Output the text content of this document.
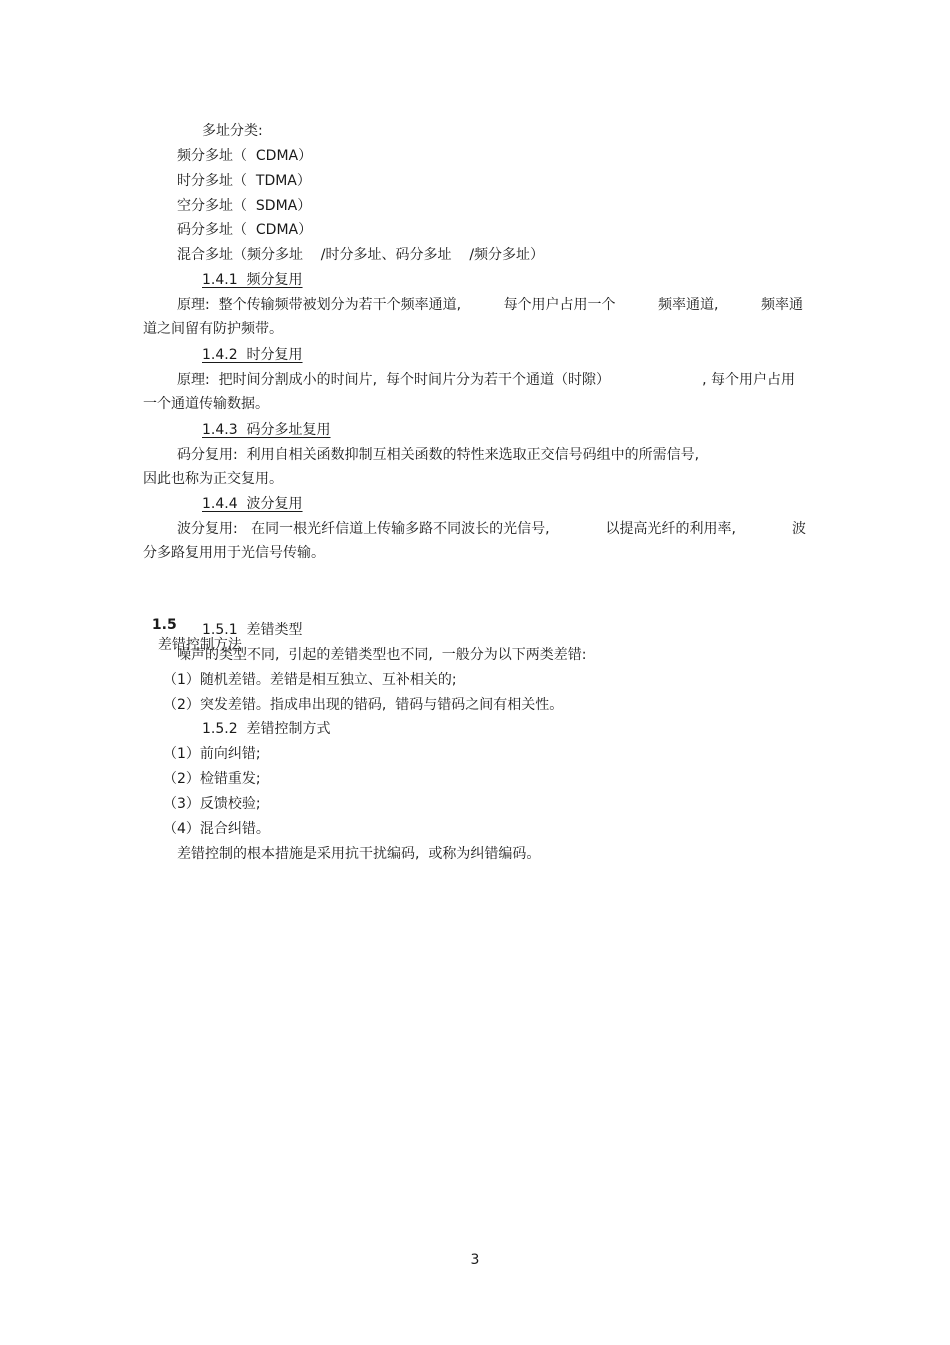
多址分类:
频分多址（  CDMA）
时分多址（  TDMA）
空分多址（  SDMA）
码分多址（  CDMA）
混合多址（频分多址    /时分多址、码分多址    /频分多址）
1.4.1  频分复用
原理:  整个传输频带被划分为若干个频率通道,	每个用户占用一个	频率通道,	频率通
道之间留有防护频带。
1.4.2  时分复用
原理:  把时间分割成小的时间片,  每个时间片分为若干个通道（时隙）	, 每个用户占用
一个通道传输数据。
1.4.3  码分多址复用
码分复用:  利用自相关函数抑制互相关函数的特性来选取正交信号码组中的所需信号,
因此也称为正交复用。
1.4.4  波分复用
波分复用:   在同一根光纤信道上传输多路不同波长的光信号,	以提高光纤的利用率,	波
分多路复用用于光信号传输。

1.5
差错控制方法

1.5.1  差错类型
噪声的类型不同,  引起的差错类型也不同,  一般分为以下两类差错:
（1）随机差错。差错是相互独立、互补相关的;
（2）突发差错。指成串出现的错码,  错码与错码之间有相关性。
1.5.2  差错控制方式
（1）前向纠错;
（2）检错重发;
（3）反馈校验;
（4）混合纠错。
差错控制的根本措施是采用抗干扰编码,  或称为纠错编码。
3
